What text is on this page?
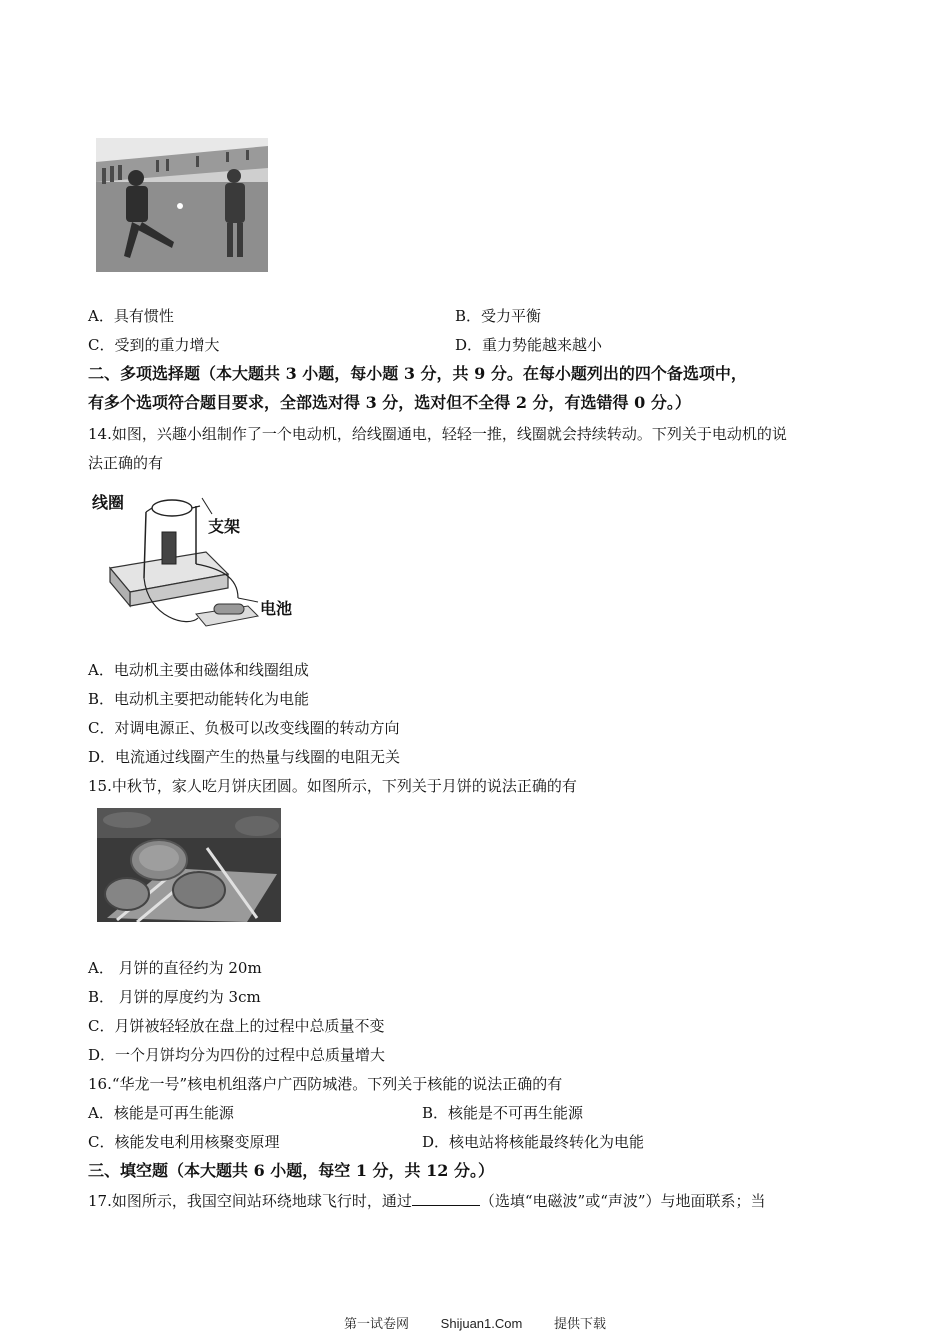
A．具有惯性	B．受力平衡
C．受到的重力增大	D．重力势能越来越小
二、多项选择题（本大题共 3 小题，每小题 3 分，共 9 分。在每小题列出的四个备选项中，
有多个选项符合题目要求，全部选对得 3 分，选对但不全得 2 分，有选错得 0 分。）
14.如图，兴趣小组制作了一个电动机，给线圈通电，轻轻一推，线圈就会持续转动。下列关于电动机的说
法正确的有
线圈
支架
电池
A．电动机主要由磁体和线圈组成
B．电动机主要把动能转化为电能
C．对调电源正、负极可以改变线圈的转动方向
D．电流通过线圈产生的热量与线圈的电阻无关
15.中秋节，家人吃月饼庆团圆。如图所示，下列关于月饼的说法正确的有
A． 月饼的直径约为 20m
B． 月饼的厚度约为 3cm
C．月饼被轻轻放在盘上的过程中总质量不变
D．一个月饼均分为四份的过程中总质量增大
16.“华龙一号”核电机组落户广西防城港。下列关于核能的说法正确的有
A．核能是可再生能源	B．核能是不可再生能源
C．核能发电利用核聚变原理	D．核电站将核能最终转化为电能
三、填空题（本大题共 6 小题，每空 1 分，共 12 分。）
17.如图所示，我国空间站环绕地球飞行时，通过	（选填“电磁波”或“声波”）与地面联系；当
第一试卷网 Shijuan1.Com 提供下载
